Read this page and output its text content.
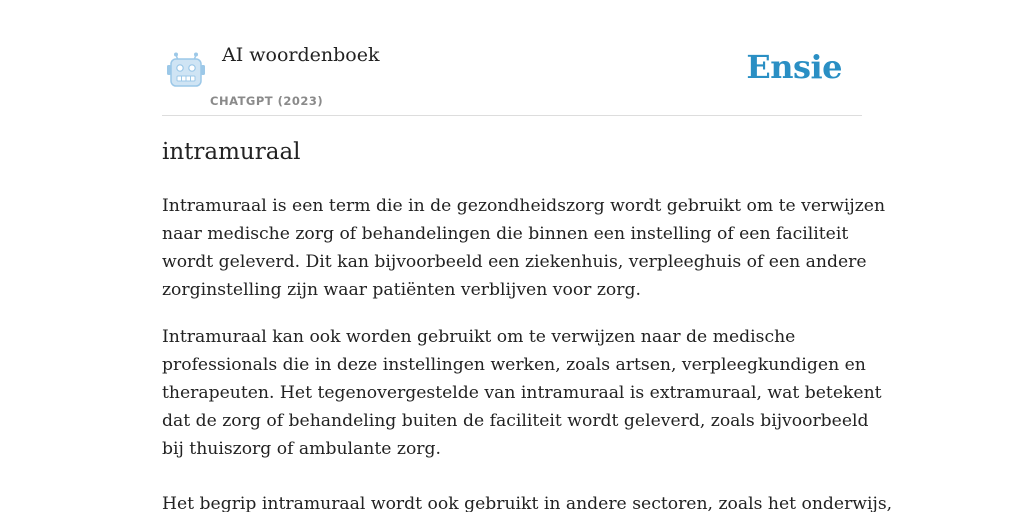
AI woordenboek
CHATGPT (2023)
Ensie
intramuraal

Intramuraal is een term die in de gezondheidszorg wordt gebruikt om te verwijzen
naar medische zorg of behandelingen die binnen een instelling of een faciliteit
wordt geleverd. Dit kan bijvoorbeeld een ziekenhuis, verpleeghuis of een andere
zorginstelling zijn waar patiënten verblijven voor zorg.

Intramuraal kan ook worden gebruikt om te verwijzen naar de medische
professionals die in deze instellingen werken, zoals artsen, verpleegkundigen en
therapeuten. Het tegenovergestelde van intramuraal is extramuraal, wat betekent
dat de zorg of behandeling buiten de faciliteit wordt geleverd, zoals bijvoorbeeld
bij thuiszorg of ambulante zorg.

Het begrip intramuraal wordt ook gebruikt in andere sectoren, zoals het onderwijs,
